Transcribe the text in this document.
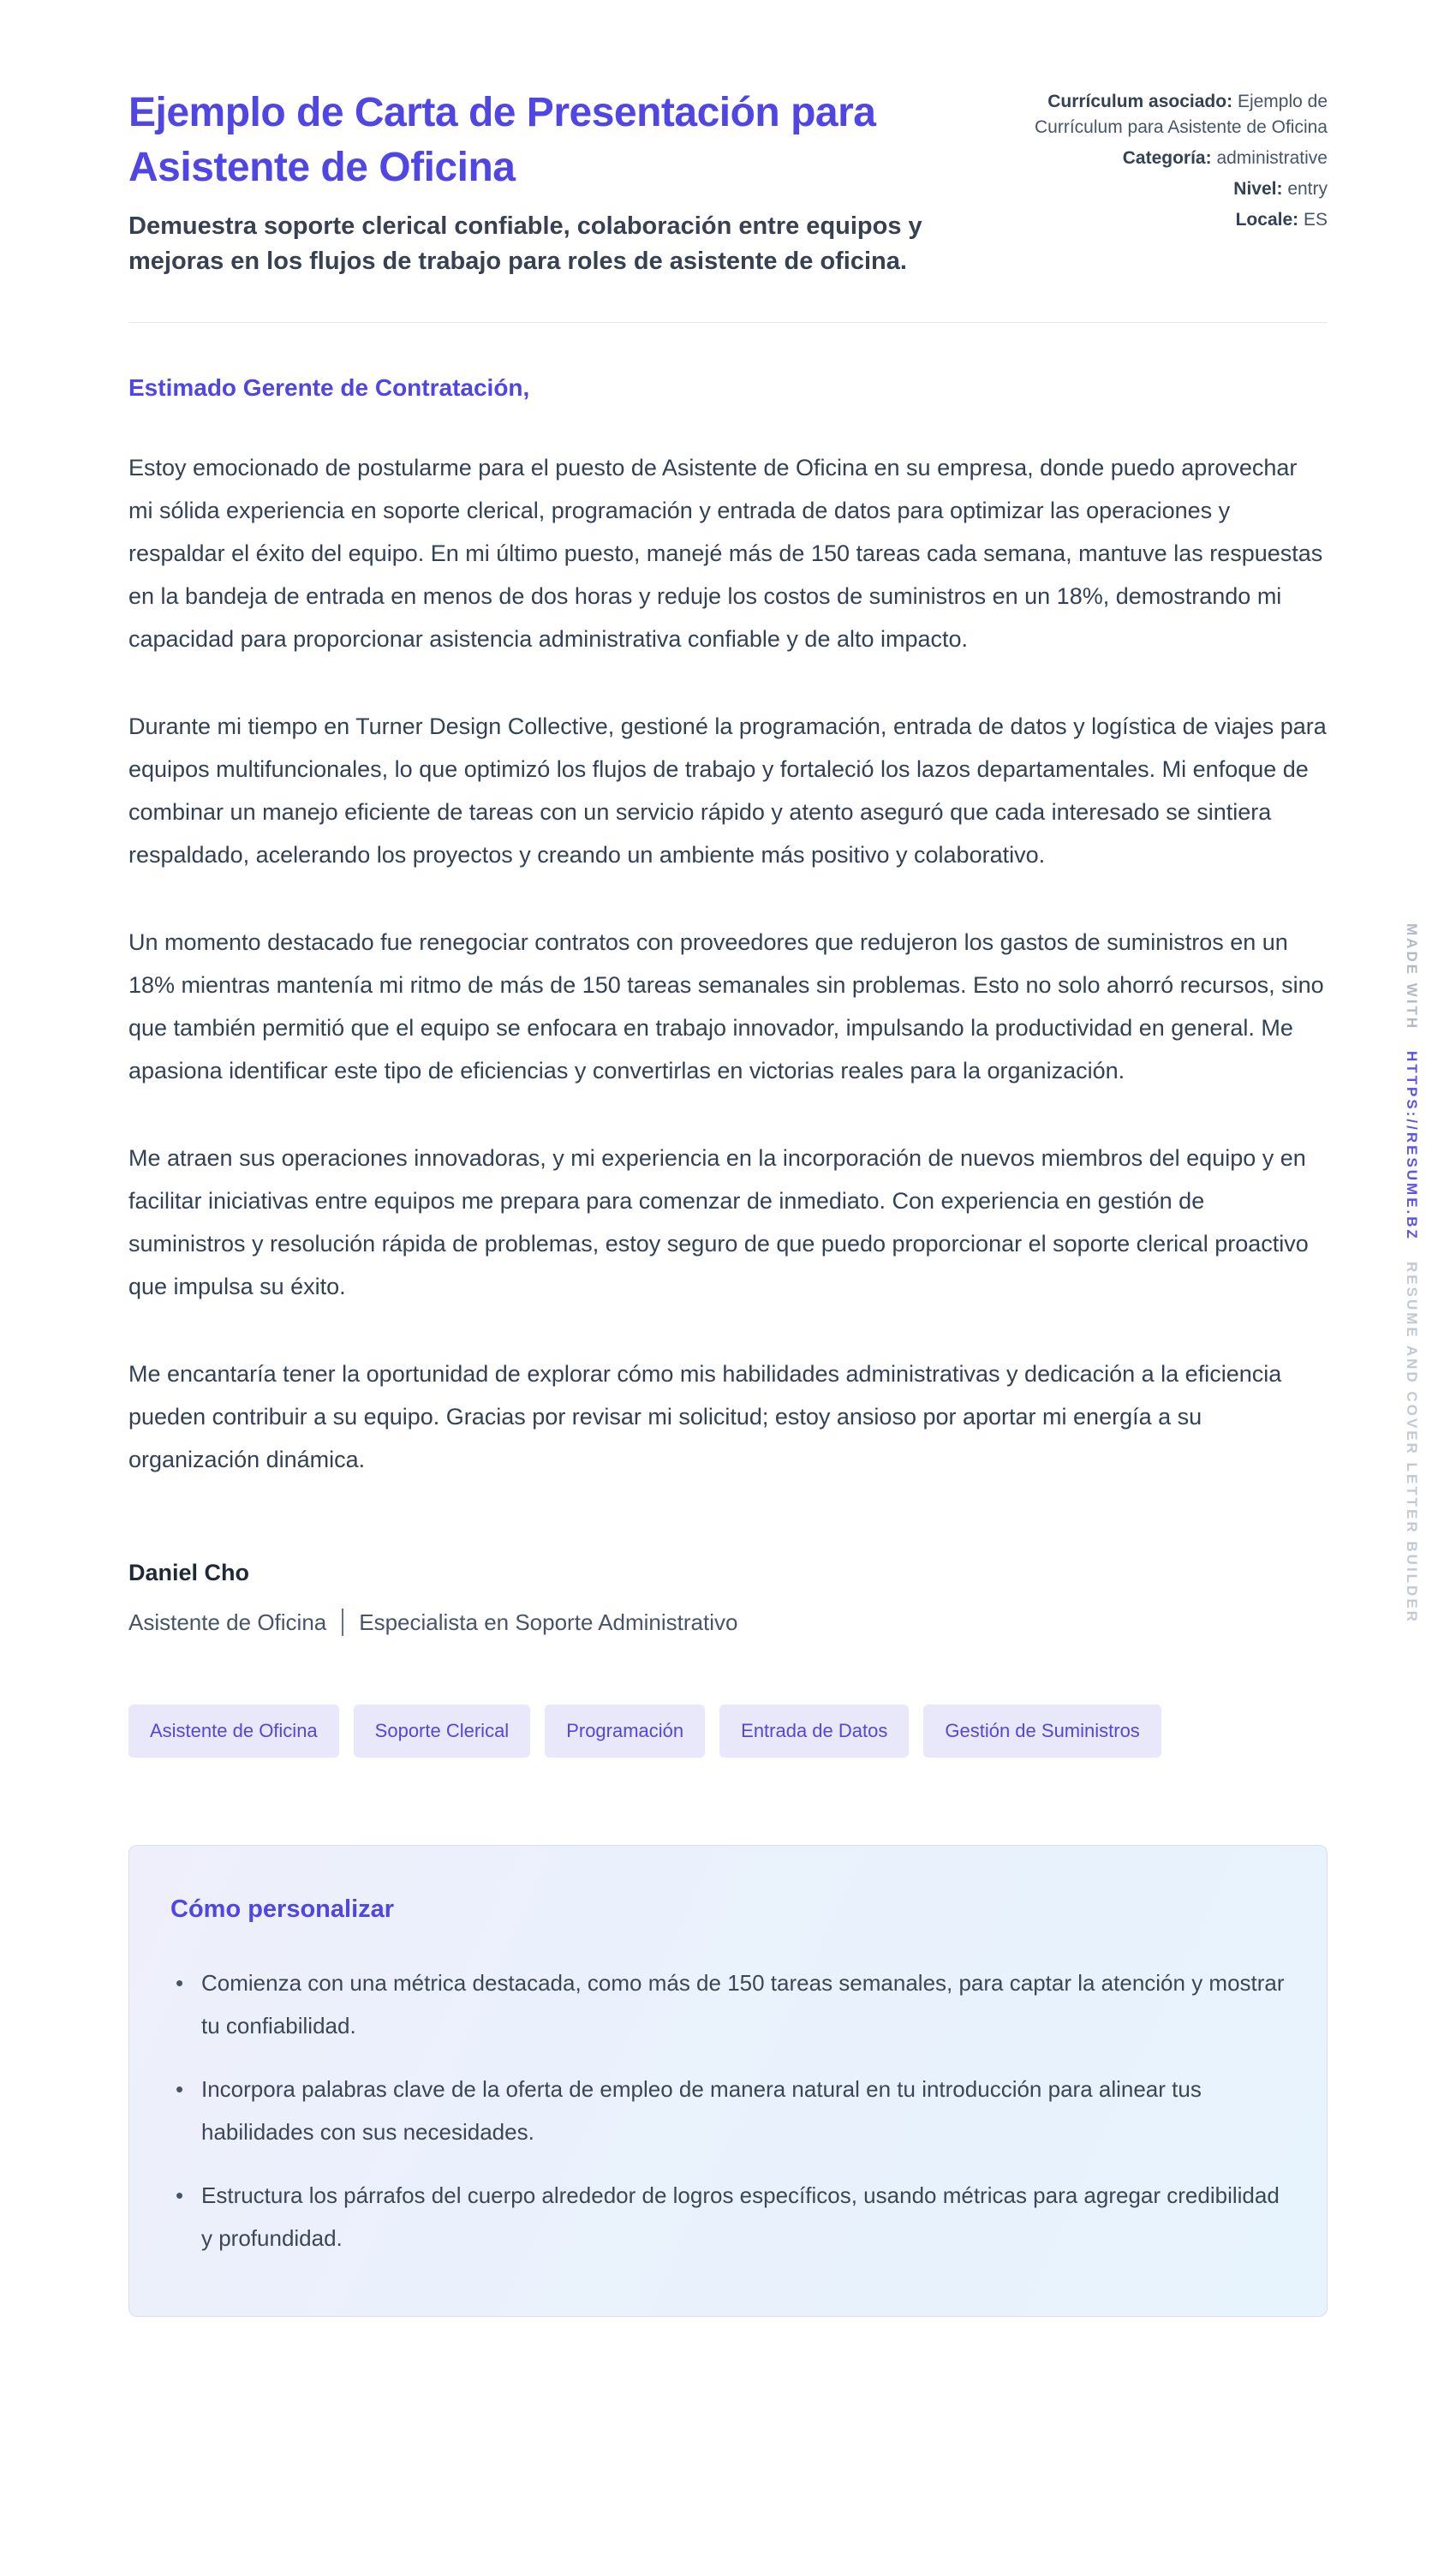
Ejemplo de Carta de Presentación para Asistente de Oficina

Demuestra soporte clerical confiable, colaboración entre equipos y mejoras en los flujos de trabajo para roles de asistente de oficina.

Currículum asociado: Ejemplo de Currículum para Asistente de Oficina
Categoría: administrative
Nivel: entry
Locale: ES

Estimado Gerente de Contratación,

Estoy emocionado de postularme para el puesto de Asistente de Oficina en su empresa, donde puedo aprovechar mi sólida experiencia en soporte clerical, programación y entrada de datos para optimizar las operaciones y respaldar el éxito del equipo. En mi último puesto, manejé más de 150 tareas cada semana, mantuve las respuestas en la bandeja de entrada en menos de dos horas y reduje los costos de suministros en un 18%, demostrando mi capacidad para proporcionar asistencia administrativa confiable y de alto impacto.

Durante mi tiempo en Turner Design Collective, gestioné la programación, entrada de datos y logística de viajes para equipos multifuncionales, lo que optimizó los flujos de trabajo y fortaleció los lazos departamentales. Mi enfoque de combinar un manejo eficiente de tareas con un servicio rápido y atento aseguró que cada interesado se sintiera respaldado, acelerando los proyectos y creando un ambiente más positivo y colaborativo.

Un momento destacado fue renegociar contratos con proveedores que redujeron los gastos de suministros en un 18% mientras mantenía mi ritmo de más de 150 tareas semanales sin problemas. Esto no solo ahorró recursos, sino que también permitió que el equipo se enfocara en trabajo innovador, impulsando la productividad en general. Me apasiona identificar este tipo de eficiencias y convertirlas en victorias reales para la organización.

Me atraen sus operaciones innovadoras, y mi experiencia en la incorporación de nuevos miembros del equipo y en facilitar iniciativas entre equipos me prepara para comenzar de inmediato. Con experiencia en gestión de suministros y resolución rápida de problemas, estoy seguro de que puedo proporcionar el soporte clerical proactivo que impulsa su éxito.

Me encantaría tener la oportunidad de explorar cómo mis habilidades administrativas y dedicación a la eficiencia pueden contribuir a su equipo. Gracias por revisar mi solicitud; estoy ansioso por aportar mi energía a su organización dinámica.

Daniel Cho

Asistente de Oficina Especialista en Soporte Administrativo
Asistente de Oficina	Soporte Clerical	Programación	Entrada de Datos	Gestión de Suministros
Cómo personalizar
• Comienza con una métrica destacada, como más de 150 tareas semanales, para captar la atención y mostrar tu confiabilidad.
• Incorpora palabras clave de la oferta de empleo de manera natural en tu introducción para alinear tus habilidades con sus necesidades.
• Estructura los párrafos del cuerpo alrededor de logros específicos, usando métricas para agregar credibilidad y profundidad.
MADE WITH HTTPS://RESUME.BZ RESUME AND COVER LETTER BUILDER
